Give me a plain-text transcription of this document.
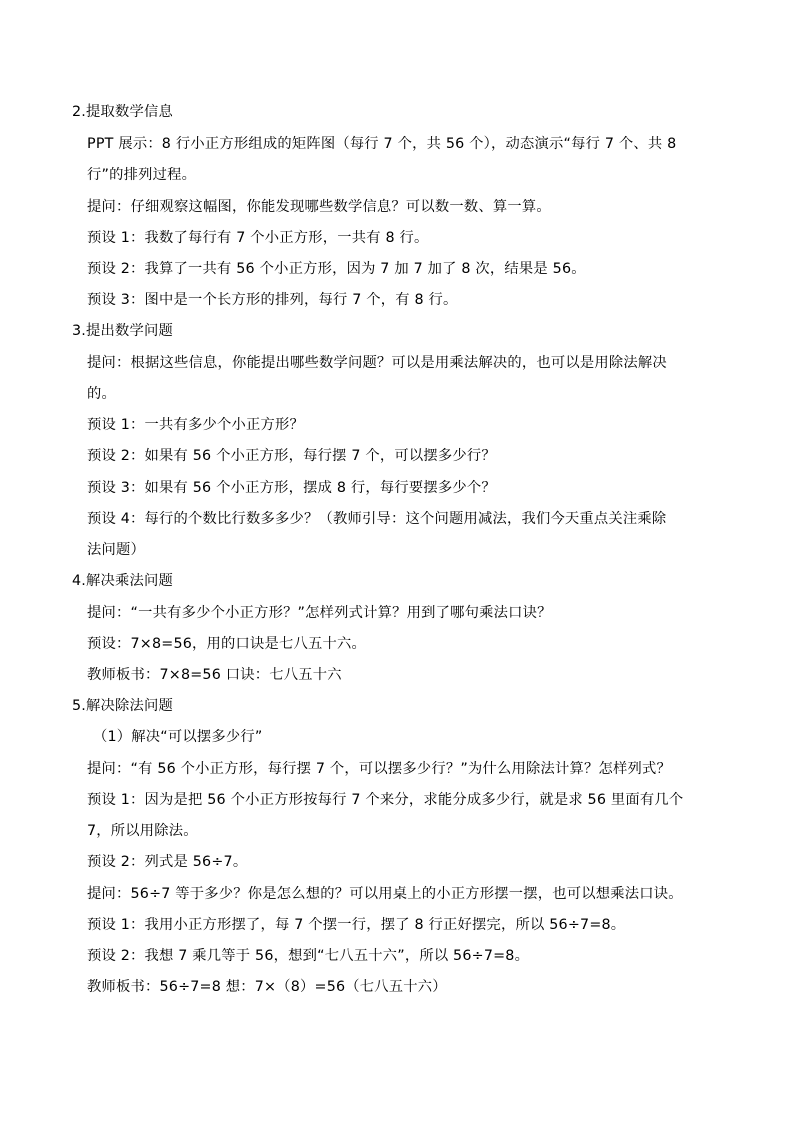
2.提取数学信息
PPT 展示：8 行小正方形组成的矩阵图（每行 7 个，共 56 个），动态演示“每行 7 个、共 8
行”的排列过程。
提问：仔细观察这幅图，你能发现哪些数学信息？可以数一数、算一算。
预设 1：我数了每行有 7 个小正方形，一共有 8 行。
预设 2：我算了一共有 56 个小正方形，因为 7 加 7 加了 8 次，结果是 56。
预设 3：图中是一个长方形的排列，每行 7 个，有 8 行。
3.提出数学问题
提问：根据这些信息，你能提出哪些数学问题？可以是用乘法解决的，也可以是用除法解决
的。
预设 1：一共有多少个小正方形？
预设 2：如果有 56 个小正方形，每行摆 7 个，可以摆多少行？
预设 3：如果有 56 个小正方形，摆成 8 行，每行要摆多少个？
预设 4：每行的个数比行数多多少？（教师引导：这个问题用减法，我们今天重点关注乘除
法问题）
4.解决乘法问题
提问：“一共有多少个小正方形？”怎样列式计算？用到了哪句乘法口诀？
预设：7×8=56，用的口诀是七八五十六。
教师板书：7×8=56 口诀：七八五十六
5.解决除法问题
（1）解决“可以摆多少行”
提问：“有 56 个小正方形，每行摆 7 个，可以摆多少行？”为什么用除法计算？怎样列式？
预设 1：因为是把 56 个小正方形按每行 7 个来分，求能分成多少行，就是求 56 里面有几个
7，所以用除法。
预设 2：列式是 56÷7。
提问：56÷7 等于多少？你是怎么想的？可以用桌上的小正方形摆一摆，也可以想乘法口诀。
预设 1：我用小正方形摆了，每 7 个摆一行，摆了 8 行正好摆完，所以 56÷7=8。
预设 2：我想 7 乘几等于 56，想到“七八五十六”，所以 56÷7=8。
教师板书：56÷7=8 想：7×（8）=56（七八五十六）
